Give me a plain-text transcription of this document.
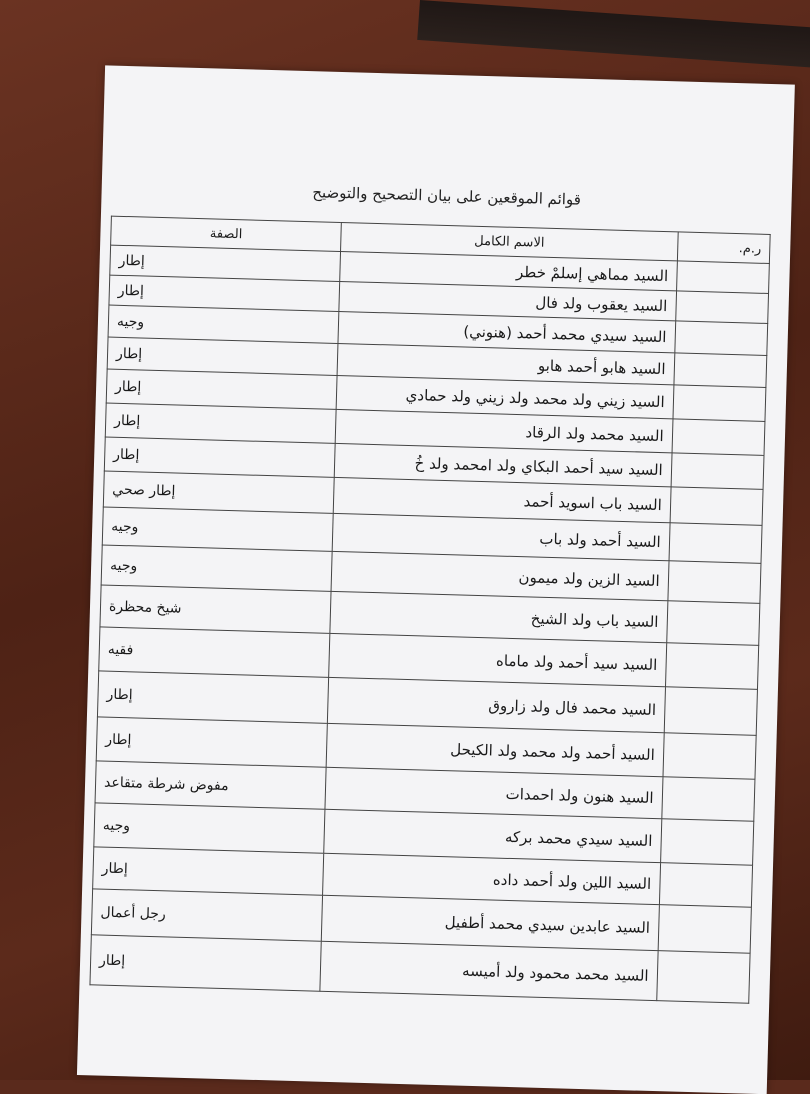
قوائم الموقعين على بيان التصحيح والتوضيح
ر.م.	الاسم الكامل	الصفة
	السيد مماهي إسلمْ خطر	إطار
	السيد يعقوب ولد فال	إطار
	السيد سيدي محمد أحمد (هنوني)	وجيه
	السيد هابو أحمد هابو	إطار
	السيد زيني ولد محمد ولد زيني ولد حمادي	إطار
	السيد محمد ولد الرقاد	إطار
	السيد سيد أحمد البكاي ولد امحمد ولد خُ	إطار
	السيد باب اسويد أحمد	إطار صحي
	السيد أحمد ولد باب	وجيه
	السيد الزين ولد ميمون	وجيه
	السيد باب ولد الشيخ	شيخ محظرة
	السيد سيد أحمد ولد ماماه	فقيه
	السيد محمد فال ولد زاروق	إطار
	السيد أحمد ولد محمد ولد الكيحل	إطار
	السيد هنون ولد احمدات	مفوض شرطة متقاعد
	السيد سيدي محمد بركه	وجيه
	السيد اللين ولد أحمد داده	إطار
	السيد عابدين سيدي محمد أطفيل	رجل أعمال
	السيد محمد محمود ولد أميسه	إطار
